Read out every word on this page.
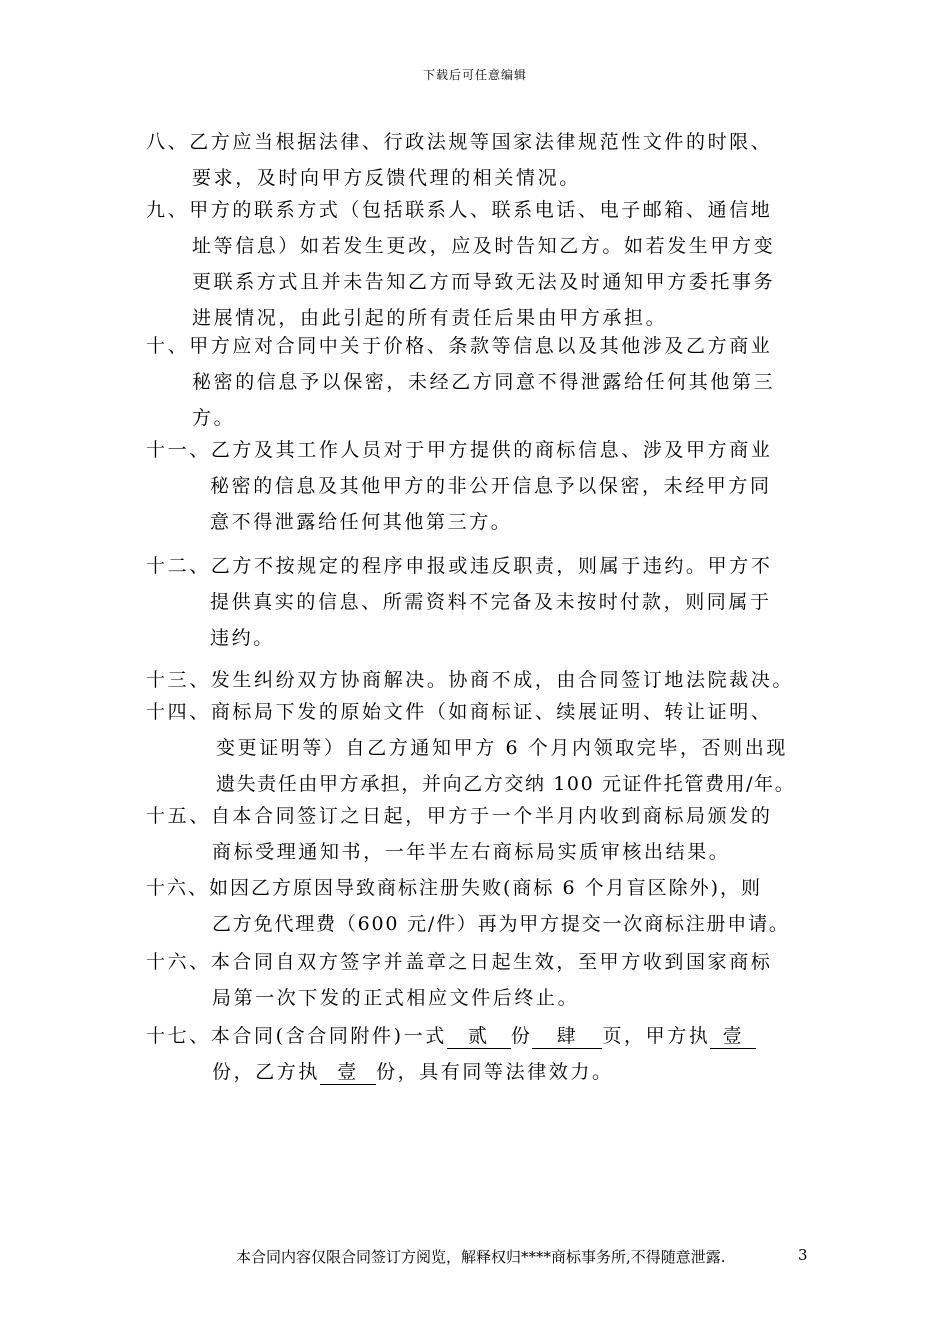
下载后可任意编辑
八、乙方应当根据法律、行政法规等国家法律规范性文件的时限、
要求，及时向甲方反馈代理的相关情况。
九、甲方的联系方式（包括联系人、联系电话、电子邮箱、通信地
址等信息）如若发生更改，应及时告知乙方。如若发生甲方变
更联系方式且并未告知乙方而导致无法及时通知甲方委托事务
进展情况，由此引起的所有责任后果由甲方承担。
十、甲方应对合同中关于价格、条款等信息以及其他涉及乙方商业
秘密的信息予以保密，未经乙方同意不得泄露给任何其他第三
方。
十一、乙方及其工作人员对于甲方提供的商标信息、涉及甲方商业
秘密的信息及其他甲方的非公开信息予以保密，未经甲方同
意不得泄露给任何其他第三方。
十二、乙方不按规定的程序申报或违反职责，则属于违约。甲方不
提供真实的信息、所需资料不完备及未按时付款，则同属于
违约。
十三、发生纠纷双方协商解决。协商不成，由合同签订地法院裁决。
十四、商标局下发的原始文件（如商标证、续展证明、转让证明、
变更证明等）自乙方通知甲方 6 个月内领取完毕，否则出现
遗失责任由甲方承担，并向乙方交纳 100 元证件托管费用/年。
十五、自本合同签订之日起，甲方于一个半月内收到商标局颁发的
商标受理通知书，一年半左右商标局实质审核出结果。
十六、如因乙方原因导致商标注册失败(商标 6 个月盲区除外)，则
乙方免代理费（600 元/件）再为甲方提交一次商标注册申请。
十六、本合同自双方签字并盖章之日起生效，至甲方收到国家商标
局第一次下发的正式相应文件后终止。
十七、本合同(含合同附件)一式 贰 份 肆 页，甲方执 壹
份，乙方执 壹 份，具有同等法律效力。
本合同内容仅限合同签订方阅览，解释权归****商标事务所,不得随意泄露.	3
